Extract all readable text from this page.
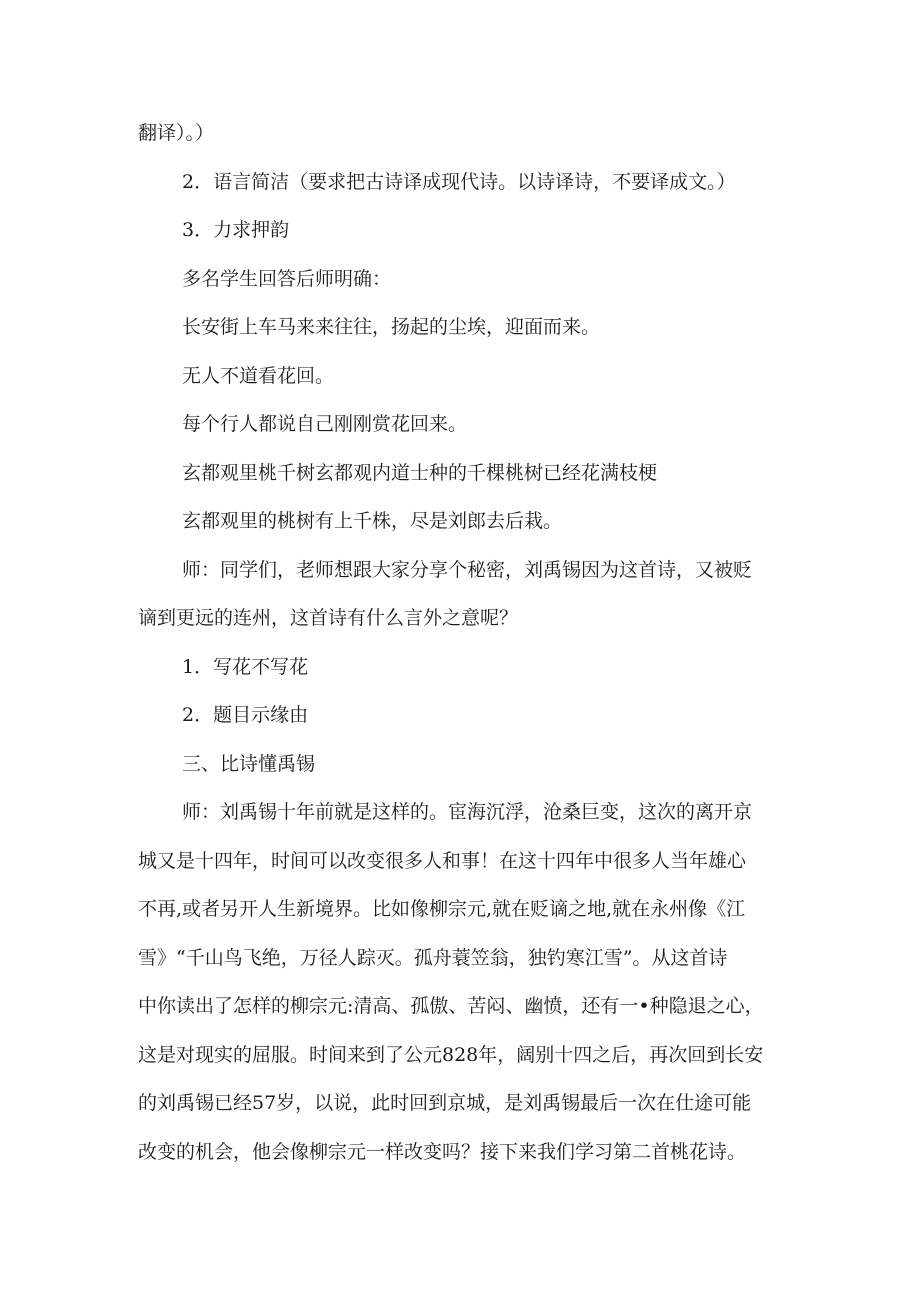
翻译）。）
2．语言简洁（要求把古诗译成现代诗。以诗译诗，不要译成文。）
3．力求押韵
多名学生回答后师明确：
长安街上车马来来往往，扬起的尘埃，迎面而来。
无人不道看花回。
每个行人都说自己刚刚赏花回来。
玄都观里桃千树玄都观内道士种的千棵桃树已经花满枝梗
玄都观里的桃树有上千株，尽是刘郎去后栽。
师：同学们，老师想跟大家分享个秘密，刘禹锡因为这首诗，又被贬
谪到更远的连州，这首诗有什么言外之意呢？
1．写花不写花
2．题目示缘由
三、比诗懂禹锡
师：刘禹锡十年前就是这样的。宦海沉浮，沧桑巨变，这次的离开京
城又是十四年，时间可以改变很多人和事！在这十四年中很多人当年雄心
不再,或者另开人生新境界。比如像柳宗元,就在贬谪之地,就在永州像《江
雪》“千山鸟飞绝，万径人踪灭。孤舟蓑笠翁，独钓寒江雪”。从这首诗
中你读出了怎样的柳宗元:清高、孤傲、苦闷、幽愤，还有一•种隐退之心，
这是对现实的屈服。时间来到了公元828年，阔别十四之后，再次回到长安
的刘禹锡已经57岁，以说，此时回到京城，是刘禹锡最后一次在仕途可能
改变的机会，他会像柳宗元一样改变吗？接下来我们学习第二首桃花诗。
